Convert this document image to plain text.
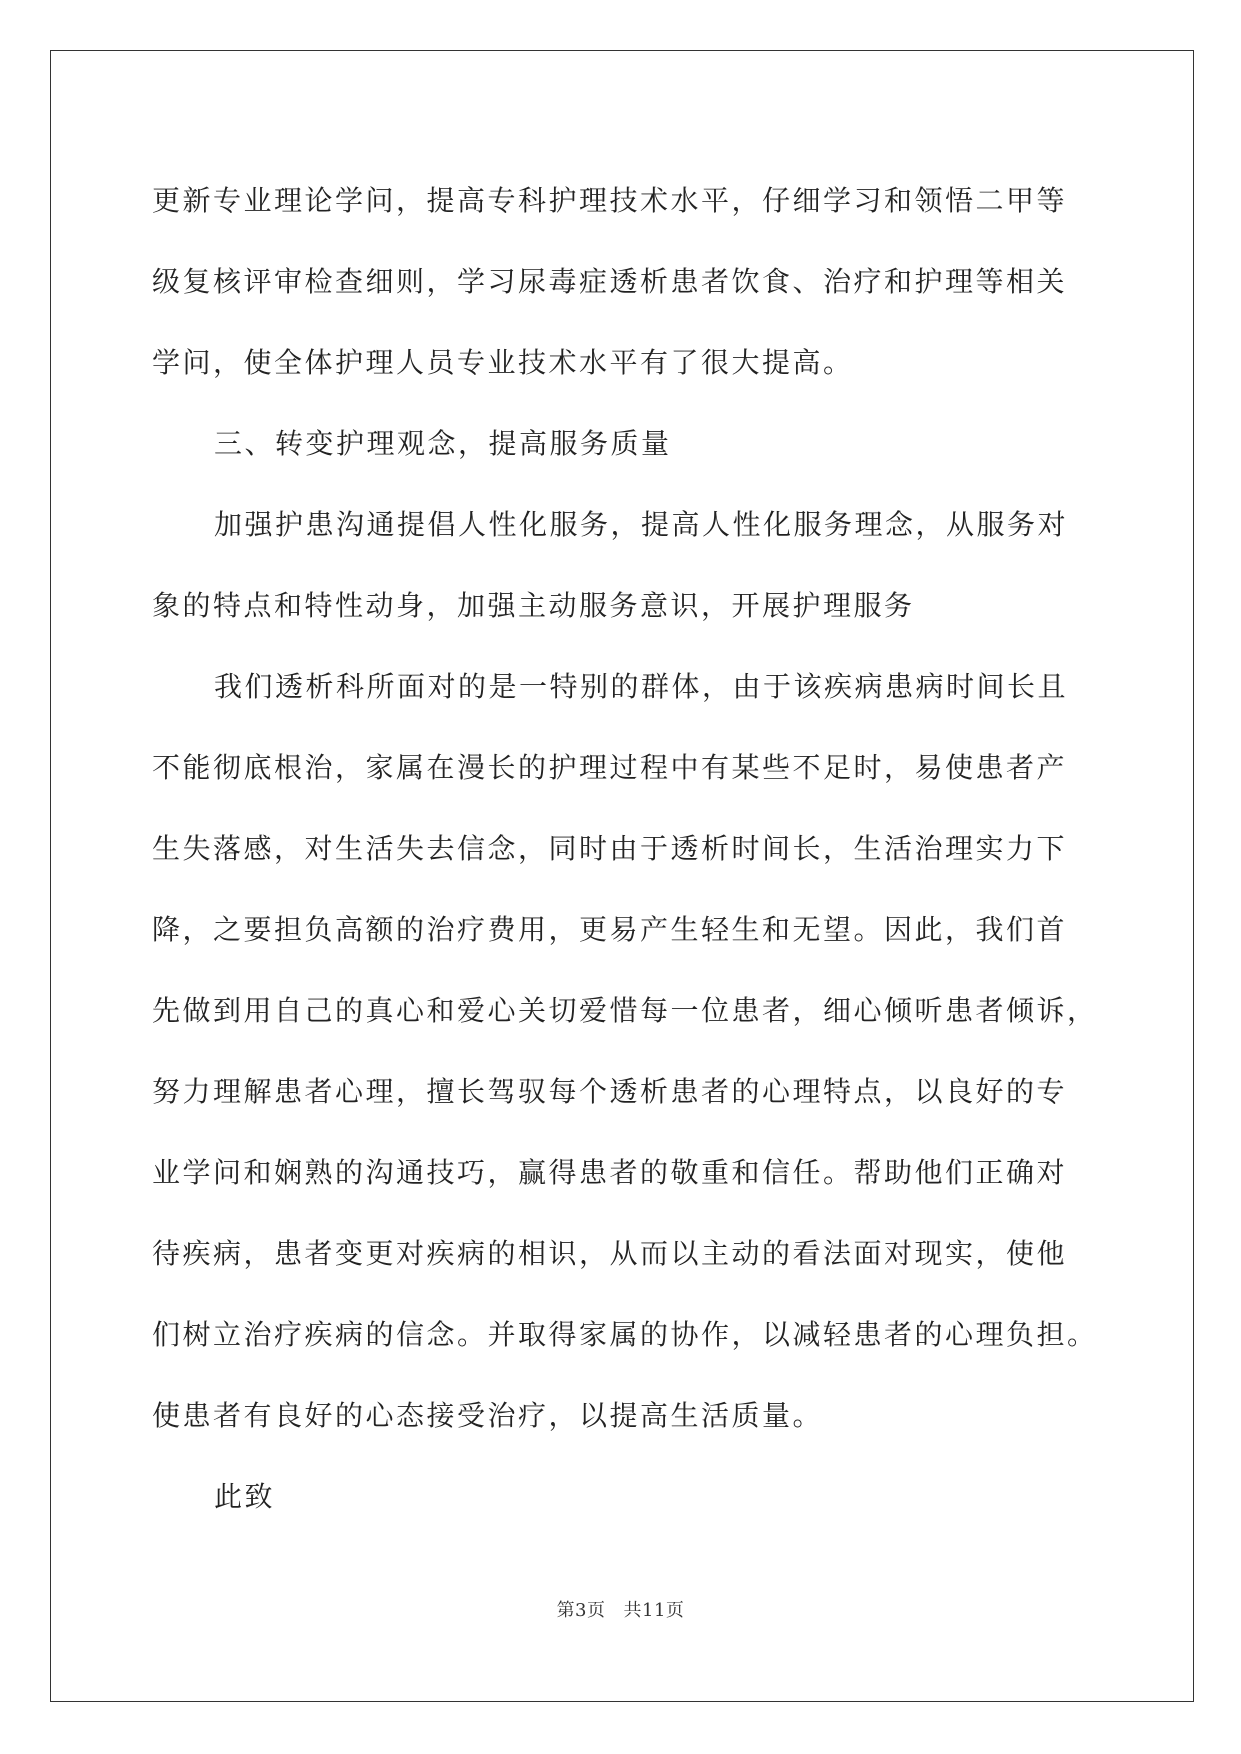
更新专业理论学问，提高专科护理技术水平，仔细学习和领悟二甲等
级复核评审检查细则，学习尿毒症透析患者饮食、治疗和护理等相关
学问，使全体护理人员专业技术水平有了很大提高。
三、转变护理观念，提高服务质量
加强护患沟通提倡人性化服务，提高人性化服务理念，从服务对
象的特点和特性动身，加强主动服务意识，开展护理服务
我们透析科所面对的是一特别的群体，由于该疾病患病时间长且
不能彻底根治，家属在漫长的护理过程中有某些不足时，易使患者产
生失落感，对生活失去信念，同时由于透析时间长，生活治理实力下
降，之要担负高额的治疗费用，更易产生轻生和无望。因此，我们首
先做到用自己的真心和爱心关切爱惜每一位患者，细心倾听患者倾诉，
努力理解患者心理，擅长驾驭每个透析患者的心理特点，以良好的专
业学问和娴熟的沟通技巧，赢得患者的敬重和信任。帮助他们正确对
待疾病，患者变更对疾病的相识，从而以主动的看法面对现实，使他
们树立治疗疾病的信念。并取得家属的协作，以减轻患者的心理负担。
使患者有良好的心态接受治疗，以提高生活质量。
此致
第3页 共11页
